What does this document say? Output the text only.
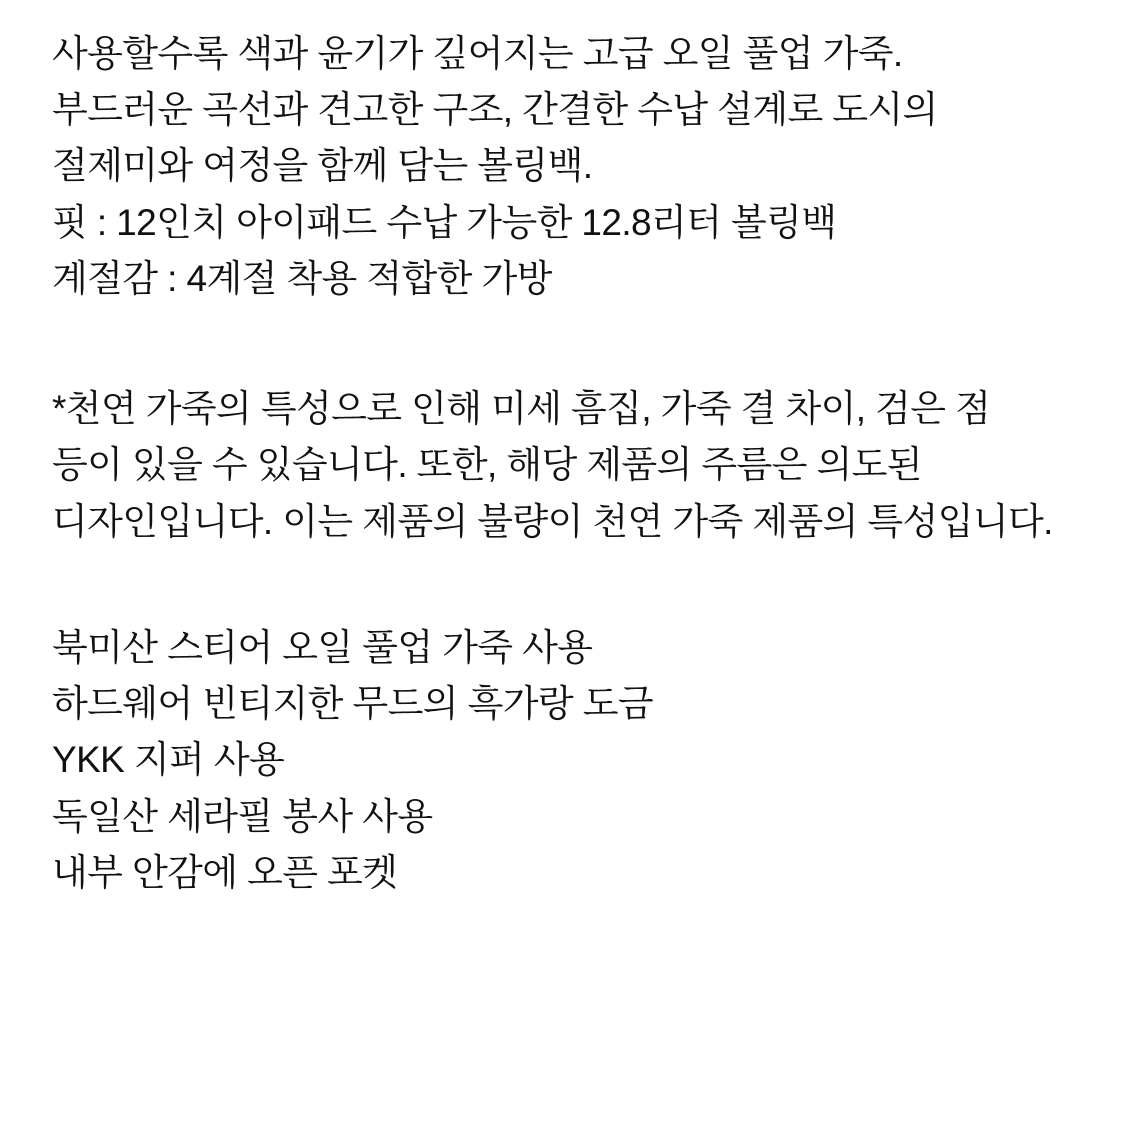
사용할수록 색과 윤기가 깊어지는 고급 오일 풀업 가죽.

부드러운 곡선과 견고한 구조, 간결한 수납 설계로 도시의 절제미와 여정을 함께 담는 볼링백.

핏 : 12인치 아이패드 수납 가능한 12.8리터 볼링백

계절감 : 4계절 착용 적합한 가방

*천연 가죽의 특성으로 인해 미세 흠집, 가죽 결 차이, 검은 점 등이 있을 수 있습니다. 또한, 해당 제품의 주름은 의도된 디자인입니다. 이는 제품의 불량이 천연 가죽 제품의 특성입니다.

북미산 스티어 오일 풀업 가죽 사용

하드웨어 빈티지한 무드의 흑가랑 도금

YKK 지퍼 사용

독일산 세라필 봉사 사용

내부 안감에 오픈 포켓
